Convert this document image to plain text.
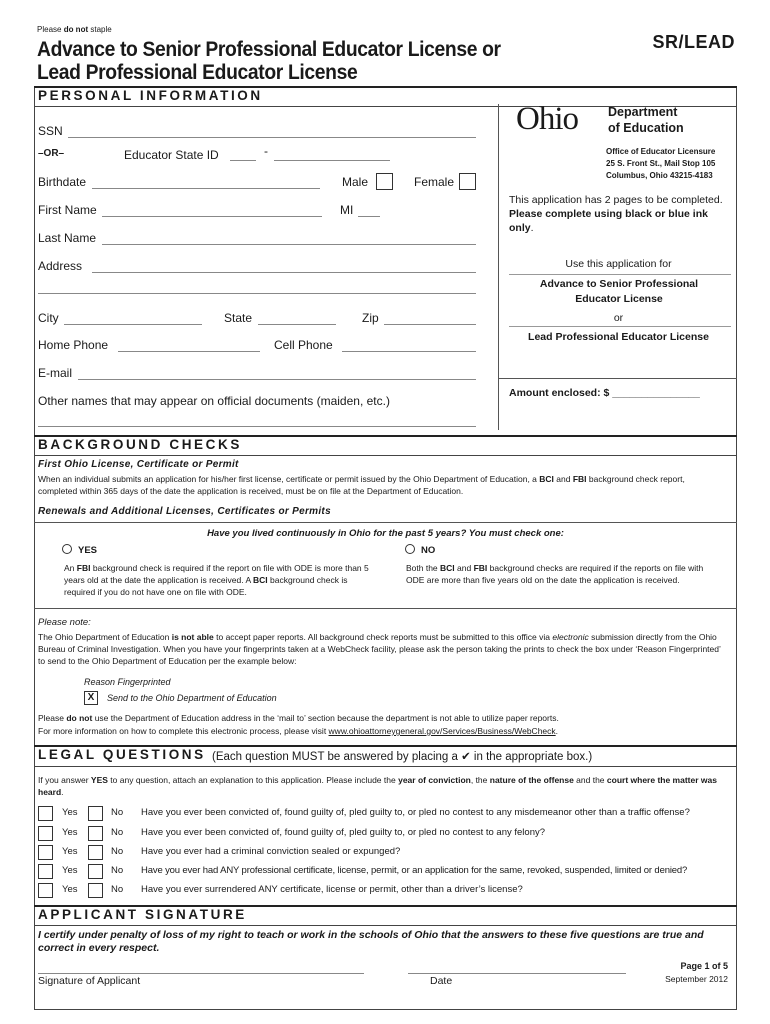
Please do not staple
Advance to Senior Professional Educator License or
Lead Professional Educator License
SR/LEAD
PERSONAL INFORMATION
SSN
–OR–	Educator State ID	-
Birthdate	Male	Female
First Name	MI
Last Name
Address
City	State	Zip
Home Phone	Cell Phone
E-mail
Other names that may appear on official documents (maiden, etc.)
Ohio Department
of Education
Office of Educator Licensure
25 S. Front St., Mail Stop 105
Columbus, Ohio 43215-4183
This application has 2 pages to be completed. Please complete using black or blue ink only.
Use this application for
Advance to Senior Professional Educator License
or
Lead Professional Educator License
Amount enclosed: $ _______________
BACKGROUND CHECKS
First Ohio License, Certificate or Permit
When an individual submits an application for his/her first license, certificate or permit issued by the Ohio Department of Education, a BCI and FBI background check report, completed within 365 days of the date the application is received, must be on file at the Department of Education.
Renewals and Additional Licenses, Certificates or Permits
Have you lived continuously in Ohio for the past 5 years? You must check one:
YES
An FBI background check is required if the report on file with ODE is more than 5 years old at the date the application is received. A BCI background check is required if you do not have one on file with ODE.
NO
Both the BCI and FBI background checks are required if the reports on file with ODE are more than five years old on the date the application is received.
Please note:
The Ohio Department of Education is not able to accept paper reports. All background check reports must be submitted to this office via electronic submission directly from the Ohio Bureau of Criminal Investigation. When you have your fingerprints taken at a WebCheck facility, please ask the person taking the prints to check the box under ‘Reason Fingerprinted’ to send to the Ohio Department of Education per the example below:
Reason Fingerprinted
X	Send to the Ohio Department of Education
Please do not use the Department of Education address in the ‘mail to’ section because the department is not able to utilize paper reports.
For more information on how to complete this electronic process, please visit www.ohioattorneygeneral.gov/Services/Business/WebCheck.
LEGAL QUESTIONS (Each question MUST be answered by placing a ✔ in the appropriate box.)
If you answer YES to any question, attach an explanation to this application. Please include the year of conviction, the nature of the offense and the court where the matter was heard.
Yes	No Have you ever been convicted of, found guilty of, pled guilty to, or pled no contest to any misdemeanor other than a traffic offense?
Yes	No Have you ever been convicted of, found guilty of, pled guilty to, or pled no contest to any felony?
Yes	No Have you ever had a criminal conviction sealed or expunged?
Yes	No Have you ever had ANY professional certificate, license, permit, or an application for the same, revoked, suspended, limited or denied?
Yes	No Have you ever surrendered ANY certificate, license or permit, other than a driver’s license?
APPLICANT SIGNATURE
I certify under penalty of loss of my right to teach or work in the schools of Ohio that the answers to these five questions are true and correct in every respect.
Signature of Applicant	Date
Page 1 of 5
September 2012
